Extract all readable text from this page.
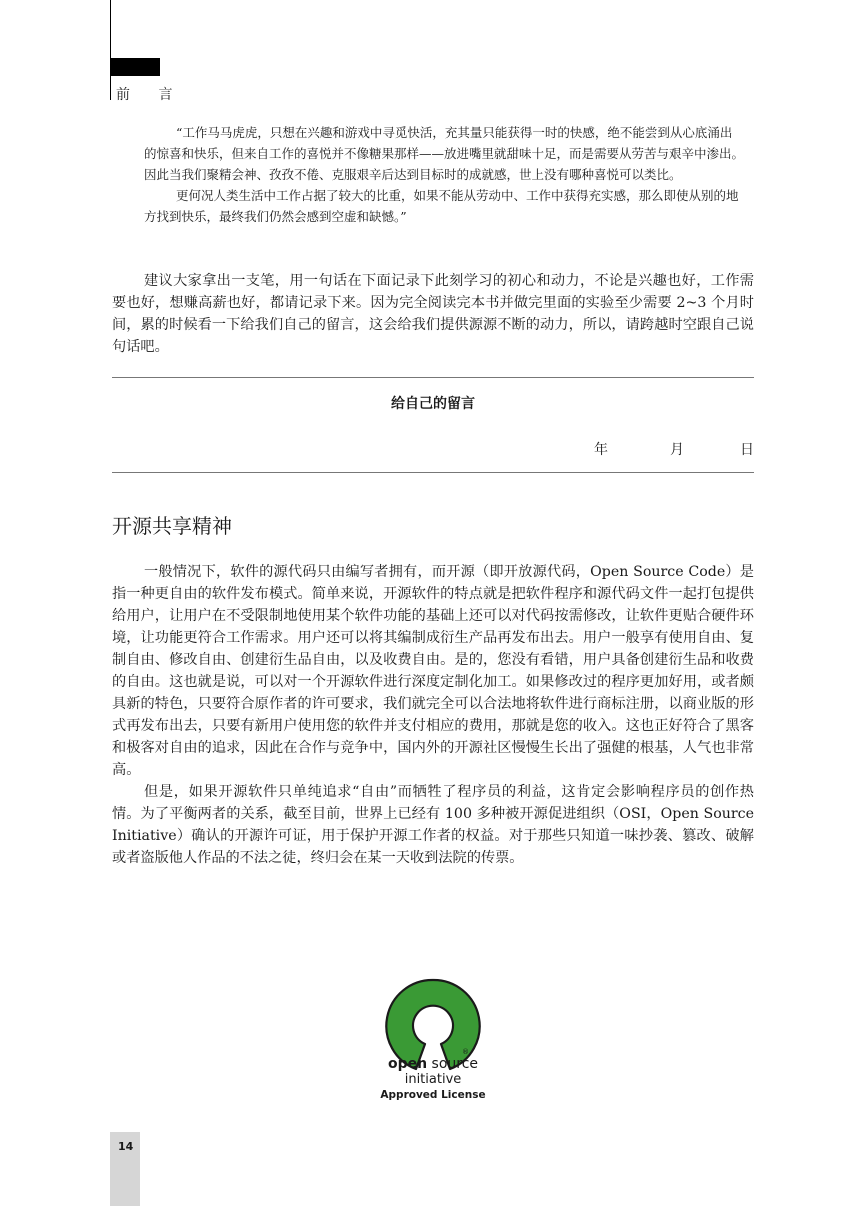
前 言

“工作马马虎虎，只想在兴趣和游戏中寻觅快活，充其量只能获得一时的快感，绝不能尝到从心底涌出的惊喜和快乐，但来自工作的喜悦并不像糖果那样——放进嘴里就甜味十足，而是需要从劳苦与艰辛中渗出。因此当我们聚精会神、孜孜不倦、克服艰辛后达到目标时的成就感，世上没有哪种喜悦可以类比。

更何况人类生活中工作占据了较大的比重，如果不能从劳动中、工作中获得充实感，那么即使从别的地方找到快乐，最终我们仍然会感到空虚和缺憾。”

建议大家拿出一支笔，用一句话在下面记录下此刻学习的初心和动力，不论是兴趣也好，工作需要也好，想赚高薪也好，都请记录下来。因为完全阅读完本书并做完里面的实验至少需要 2~3 个月时间，累的时候看一下给我们自己的留言，这会给我们提供源源不断的动力，所以，请跨越时空跟自己说句话吧。

给自己的留言
年	月	日
开源共享精神

一般情况下，软件的源代码只由编写者拥有，而开源（即开放源代码，Open Source Code）是指一种更自由的软件发布模式。简单来说，开源软件的特点就是把软件程序和源代码文件一起打包提供给用户，让用户在不受限制地使用某个软件功能的基础上还可以对代码按需修改，让软件更贴合硬件环境，让功能更符合工作需求。用户还可以将其编制成衍生产品再发布出去。用户一般享有使用自由、复制自由、修改自由、创建衍生品自由，以及收费自由。是的，您没有看错，用户具备创建衍生品和收费的自由。这也就是说，可以对一个开源软件进行深度定制化加工。如果修改过的程序更加好用，或者颇具新的特色，只要符合原作者的许可要求，我们就完全可以合法地将软件进行商标注册，以商业版的形式再发布出去，只要有新用户使用您的软件并支付相应的费用，那就是您的收入。这也正好符合了黑客和极客对自由的追求，因此在合作与竞争中，国内外的开源社区慢慢生长出了强健的根基，人气也非常高。

但是，如果开源软件只单纯追求“自由”而牺牲了程序员的利益，这肯定会影响程序员的创作热情。为了平衡两者的关系，截至目前，世界上已经有 100 多种被开源促进组织（OSI，Open Source Initiative）确认的开源许可证，用于保护开源工作者的权益。对于那些只知道一味抄袭、篡改、破解或者盗版他人作品的不法之徒，终归会在某一天收到法院的传票。

®
open source
initiative
Approved License
14
